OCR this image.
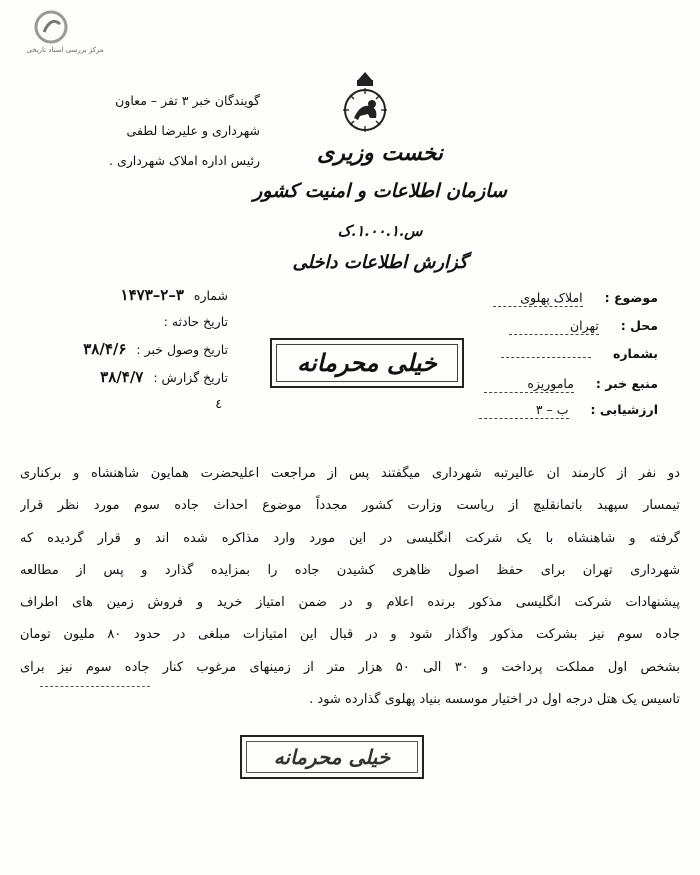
مرکز بررسی اسناد تاریخی
گویندگان خبر ۳ تفر – معاون
شهرداری و علیرضا لطفی
رئیس اداره املاک شهرداری .	نخست وزیری
سازمان اطلاعات و امنیت کشور
س.۱.۰۰.۱.ک
گزارش اطلاعات داخلی
موضوع : املاک پهلوی
محل : تهران
بشماره
منبع خبر : ماموریزه
ارزشیابی : ب – ۳
شماره ۳–۲–۱۴۷۳
تاریخ حادثه :
تاریخ وصول خبر : ۳۸/۴/۶
تاریخ گزارش : ۳۸/۴/۷
٤
خیلی محرمانه
دو نفر از کارمند ان عالیرتبه شهرداری میگفتند پس از مراجعت اعلیحضرت همایون شاهنشاه و برکناری
تیمسار سپهبد باتمانقلیچ از ریاست وزارت کشور مجدداً موضوع احداث جاده سوم مورد نظر قرار
گرفته و شاهنشاه با یک شرکت انگلیسی در این مورد وارد مذاکره شده اند و قرار گردیده که
شهرداری تهران برای حفظ اصول ظاهری کشیدن جاده را بمزایده گذارد و پس از مطالعه
پیشنهادات شرکت انگلیسی مذکور برنده اعلام و در ضمن امتیاز خرید و فروش زمین های اطراف
جاده سوم نیز بشرکت مذکور واگذار شود و در قبال این امتیازات مبلغی در حدود ۸۰ ملیون تومان
بشخص اول مملکت پرداخت و ۳۰ الی ۵۰ هزار متر از زمینهای مرغوب کنار جاده سوم نیز برای
تاسیس یک هتل درجه اول در اختیار موسسه بنیاد پهلوی گذارده شود .
خیلی محرمانه
